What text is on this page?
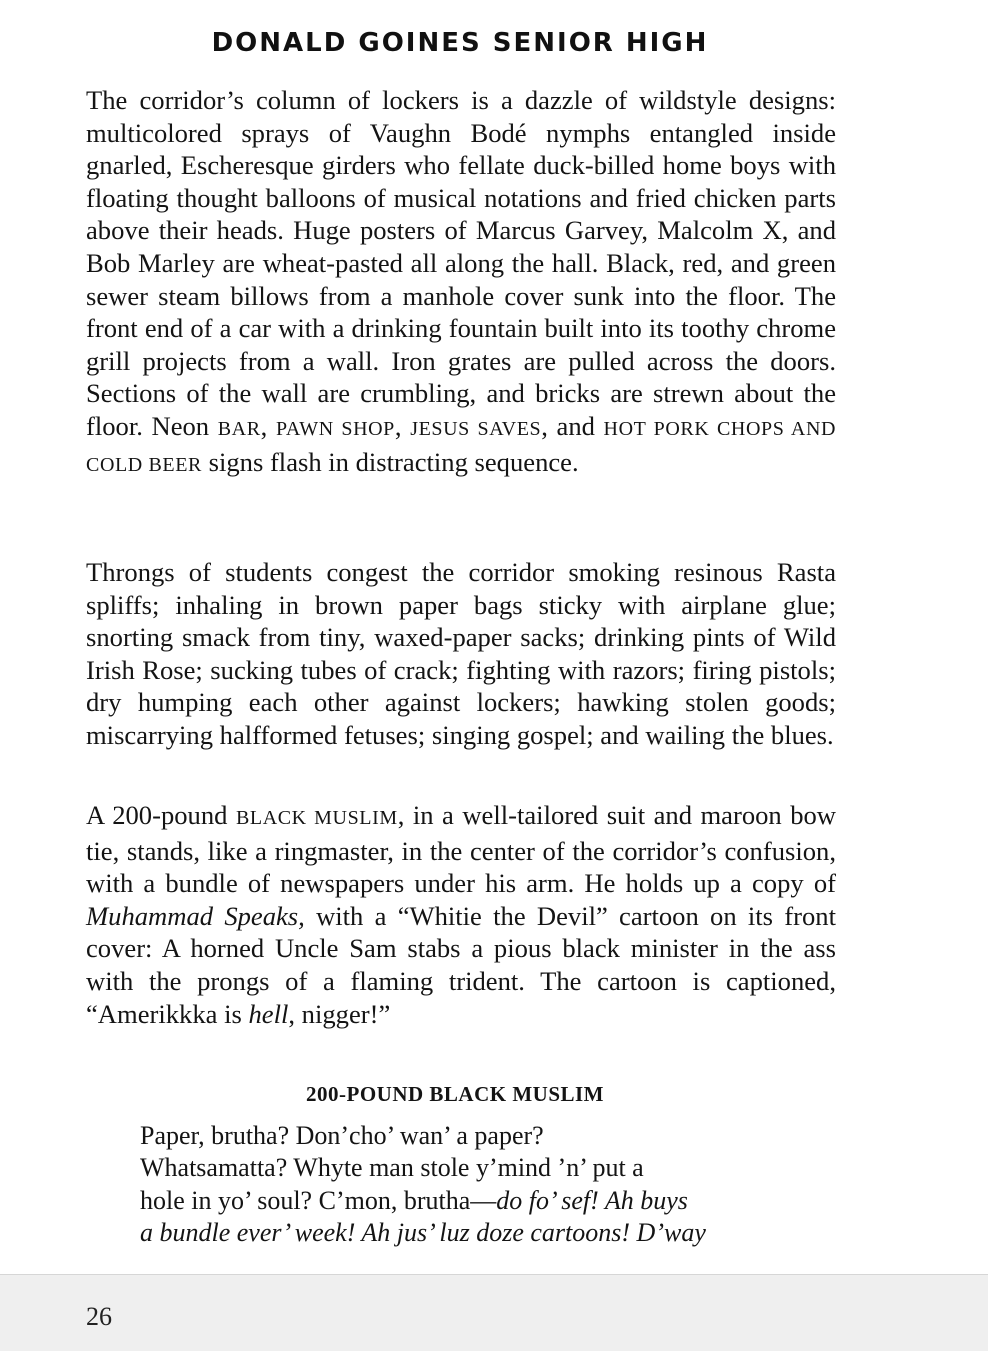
DONALD GOINES SENIOR HIGH

The corridor’s column of lockers is a dazzle of wildstyle designs: multicolored sprays of Vaughn Bodé nymphs entangled inside gnarled, Escheresque girders who fellate duck-billed home boys with floating thought balloons of musical notations and fried chicken parts above their heads. Huge posters of Marcus Garvey, Malcolm X, and Bob Marley are wheat-pasted all along the hall. Black, red, and green sewer steam billows from a manhole cover sunk into the floor. The front end of a car with a drinking fountain built into its toothy chrome grill projects from a wall. Iron grates are pulled across the doors. Sections of the wall are crumbling, and bricks are strewn about the floor. Neon BAR, PAWN SHOP, JESUS SAVES, and HOT PORK CHOPS AND COLD BEER signs flash in distracting sequence.

Throngs of students congest the corridor smoking resinous Rasta spliffs; inhaling in brown paper bags sticky with airplane glue; snorting smack from tiny, waxed-paper sacks; drinking pints of Wild Irish Rose; sucking tubes of crack; fighting with razors; firing pistols; dry humping each other against lockers; hawking stolen goods; miscarrying halfformed fetuses; singing gospel; and wailing the blues.

A 200-pound BLACK MUSLIM, in a well-tailored suit and maroon bow tie, stands, like a ringmaster, in the center of the corridor’s confusion, with a bundle of newspapers under his arm. He holds up a copy of Muhammad Speaks, with a “Whitie the Devil” cartoon on its front cover: A horned Uncle Sam stabs a pious black minister in the ass with the prongs of a flaming trident. The cartoon is captioned, “Amerikkka is hell, nigger!”

200-POUND BLACK MUSLIM

Paper, brutha? Don’cho’ wan’ a paper?
Whatsamatta? Whyte man stole y’mind ’n’ put a
hole in yo’ soul? C’mon, brutha—do fo’ sef! Ah buys
a bundle ever’ week! Ah jus’ luz doze cartoons! D’way

26
